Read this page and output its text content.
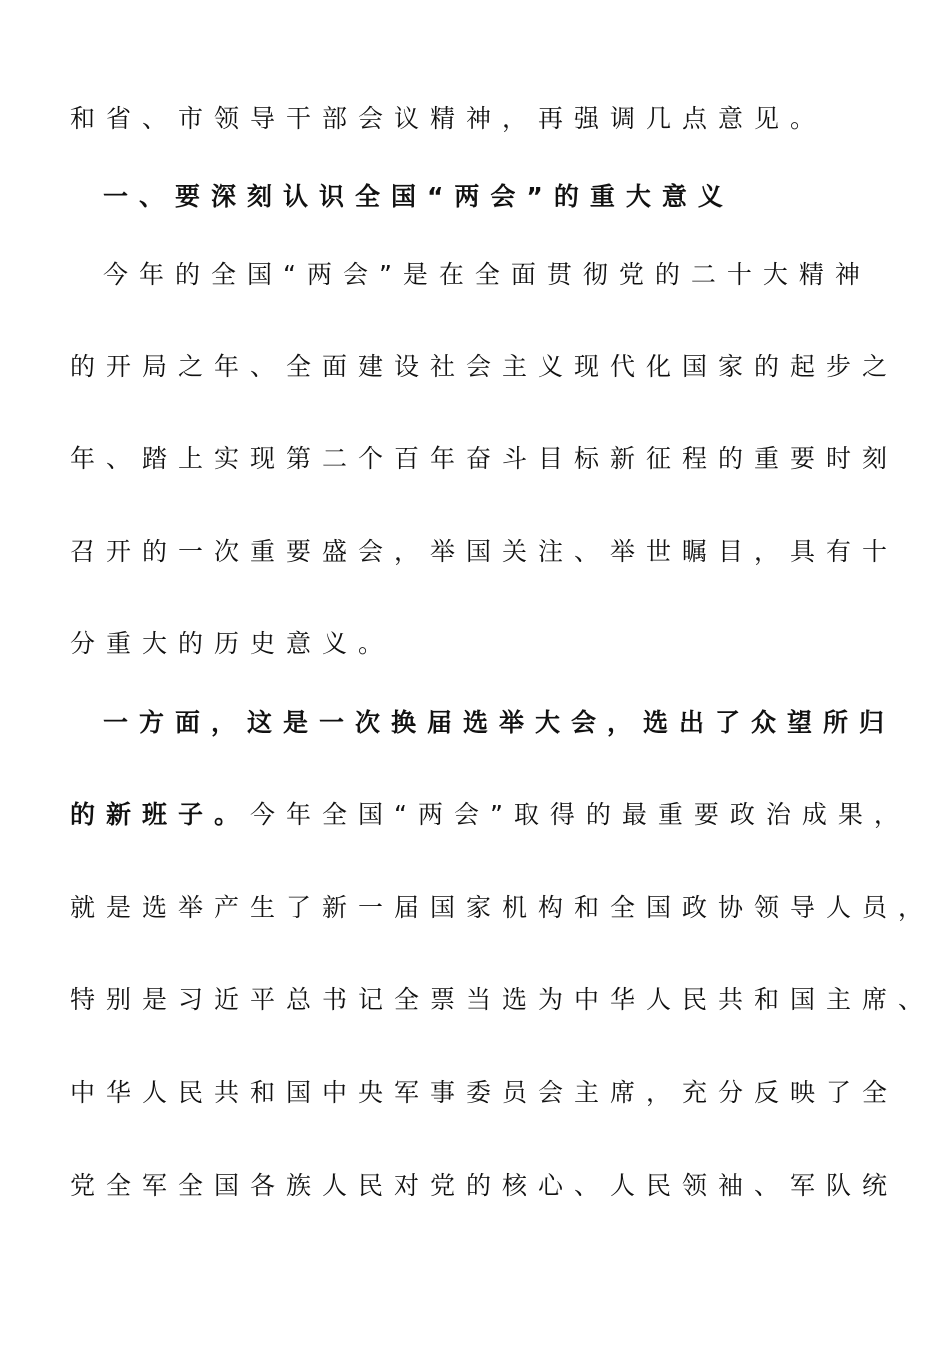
和省、市领导干部会议精神，再强调几点意见。
一、要深刻认识全国“两会”的重大意义
今年的全国“两会”是在全面贯彻党的二十大精神
的开局之年、全面建设社会主义现代化国家的起步之
年、踏上实现第二个百年奋斗目标新征程的重要时刻
召开的一次重要盛会，举国关注、举世瞩目，具有十
分重大的历史意义。
一方面，这是一次换届选举大会，选出了众望所归
的新班子。今年全国“两会”取得的最重要政治成果，
就是选举产生了新一届国家机构和全国政协领导人员，
特别是习近平总书记全票当选为中华人民共和国主席、
中华人民共和国中央军事委员会主席，充分反映了全
党全军全国各族人民对党的核心、人民领袖、军队统
